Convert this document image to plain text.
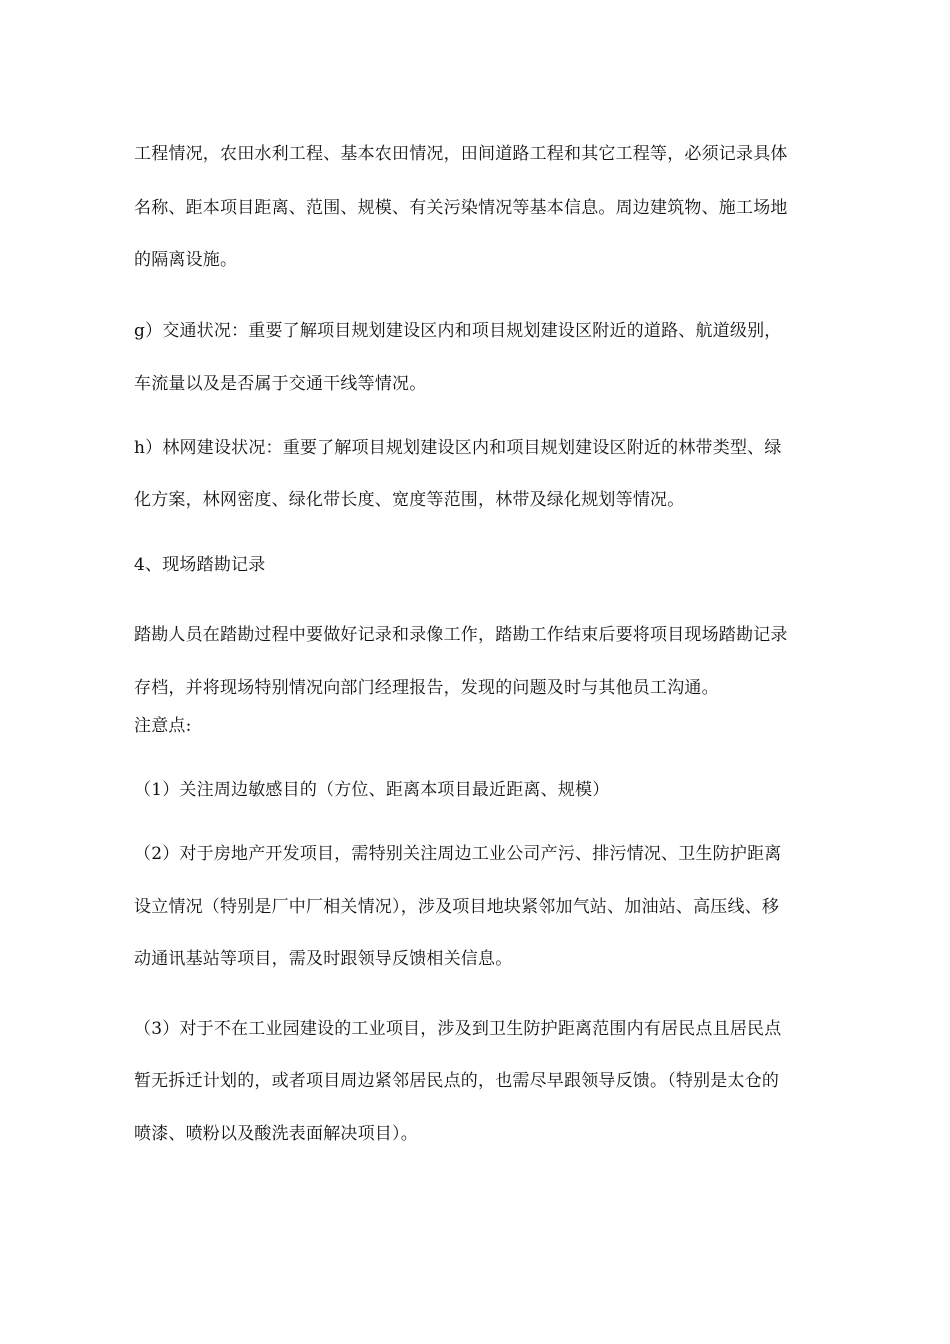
工程情况，农田水利工程、基本农田情况，田间道路工程和其它工程等，必须记录具体
名称、距本项目距离、范围、规模、有关污染情况等基本信息。周边建筑物、施工场地
的隔离设施。
g）交通状况：重要了解项目规划建设区内和项目规划建设区附近的道路、航道级别，
车流量以及是否属于交通干线等情况。
h）林网建设状况：重要了解项目规划建设区内和项目规划建设区附近的林带类型、绿
化方案，林网密度、绿化带长度、宽度等范围，林带及绿化规划等情况。
4、现场踏勘记录
踏勘人员在踏勘过程中要做好记录和录像工作，踏勘工作结束后要将项目现场踏勘记录
存档，并将现场特别情况向部门经理报告，发现的问题及时与其他员工沟通。
注意点:
（1）关注周边敏感目的（方位、距离本项目最近距离、规模）
（2）对于房地产开发项目，需特别关注周边工业公司产污、排污情况、卫生防护距离
设立情况（特别是厂中厂相关情况），涉及项目地块紧邻加气站、加油站、高压线、移
动通讯基站等项目，需及时跟领导反馈相关信息。
（3）对于不在工业园建设的工业项目，涉及到卫生防护距离范围内有居民点且居民点
暂无拆迁计划的，或者项目周边紧邻居民点的，也需尽早跟领导反馈。（特别是太仓的
喷漆、喷粉以及酸洗表面解决项目）。
